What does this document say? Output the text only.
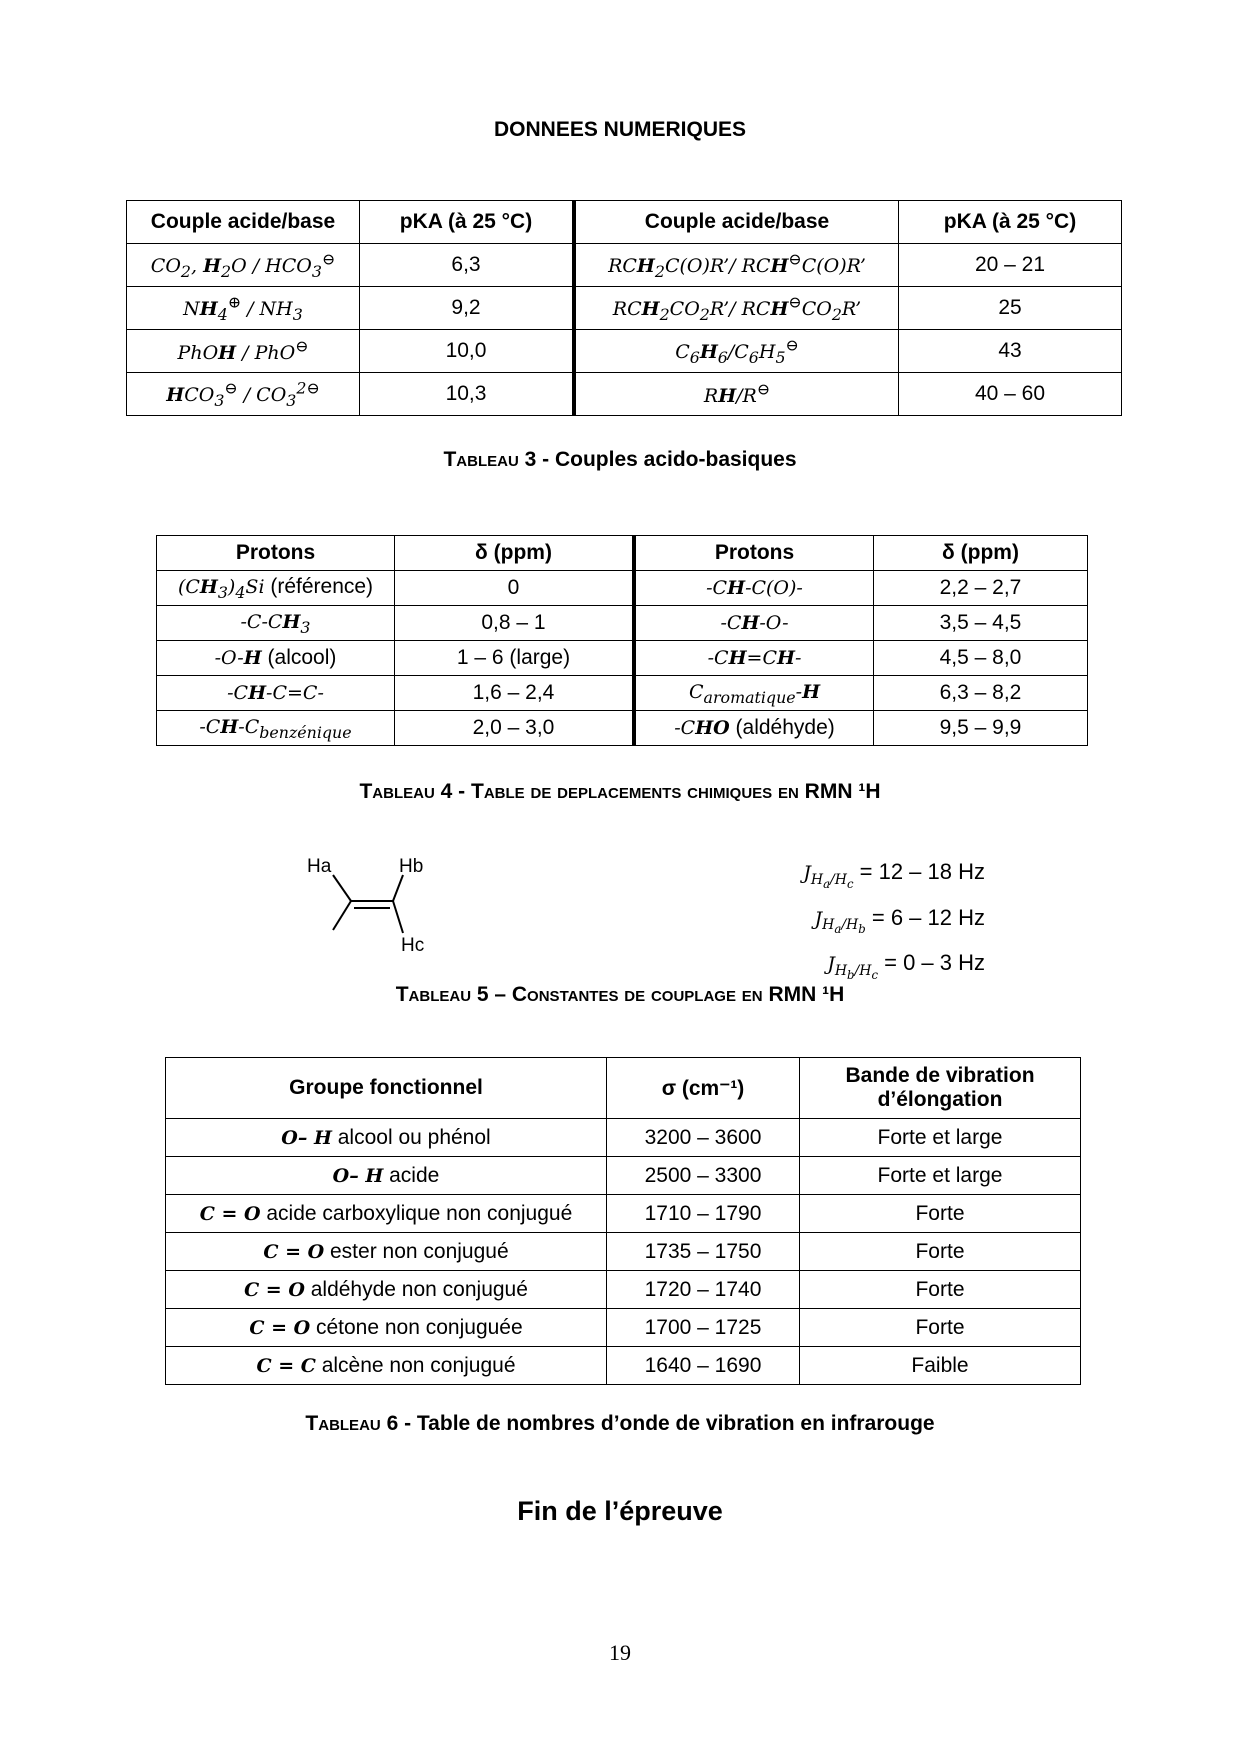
DONNEES NUMERIQUES
Couple acide/base	pKA (à 25 °C)	Couple acide/base	pKA (à 25 °C)
$CO_2$, $H_2O / HCO_3^⊖$	6,3	$RCH_2C(O)R’/$ RCH⊖C(O)R’	20 – 21
$NH_4^\oplus / NH_3$	9,2	$RCH_2CO_2R’/$ $RCH^⊖CO_2R$’	25
PhOH / PhO⊖	10,0	$C_6H_6/C_6H_5^⊖$	43
$HCO_3^⊖ / CO_3^{2⊖}$	10,3	RH/R⊖	40 – 60
Tableau 3 - Couples acido-basiques
Protons	δ (ppm)	Protons	δ (ppm)
$(CH_3)_4Si$ (référence)	0	-CH-C(O)-	2,2 – 2,7
$-C-CH_3$	0,8 – 1	-CH-O-	3,5 – 4,5
-O-H (alcool)	1 – 6 (large)	-CH=CH-	4,5 – 8,0
-CH-C=C-	1,6 – 2,4	$C_{aromatique}-H$	6,3 – 8,2
$-CH-C_{benzénique}$	2,0 – 3,0	-CHO (aldéhyde)	9,5 – 9,9
Tableau 4 - Table de deplacements chimiques en RMN ¹H
Ha	Hb
Hc
$J_{H_a/H_c} = 12 - 18$ Hz
$J_{H_a/H_b} = 6 - 12$ Hz
$J_{H_b/H_c} = 0 - 3$ Hz
Tableau 5 – Constantes de couplage en RMN ¹H
Groupe fonctionnel	σ (cm⁻¹)	Bande de vibration d’élongation
O– H alcool ou phénol	3200 – 3600	Forte et large
O– H acide	2500 – 3300	Forte et large
C = O acide carboxylique non conjugué	1710 – 1790	Forte
C = O ester non conjugué	1735 – 1750	Forte
C = O aldéhyde non conjugué	1720 – 1740	Forte
C = O cétone non conjuguée	1700 – 1725	Forte
C = C alcène non conjugué	1640 – 1690	Faible
Tableau 6 - Table de nombres d’onde de vibration en infrarouge
Fin de l’épreuve
19
